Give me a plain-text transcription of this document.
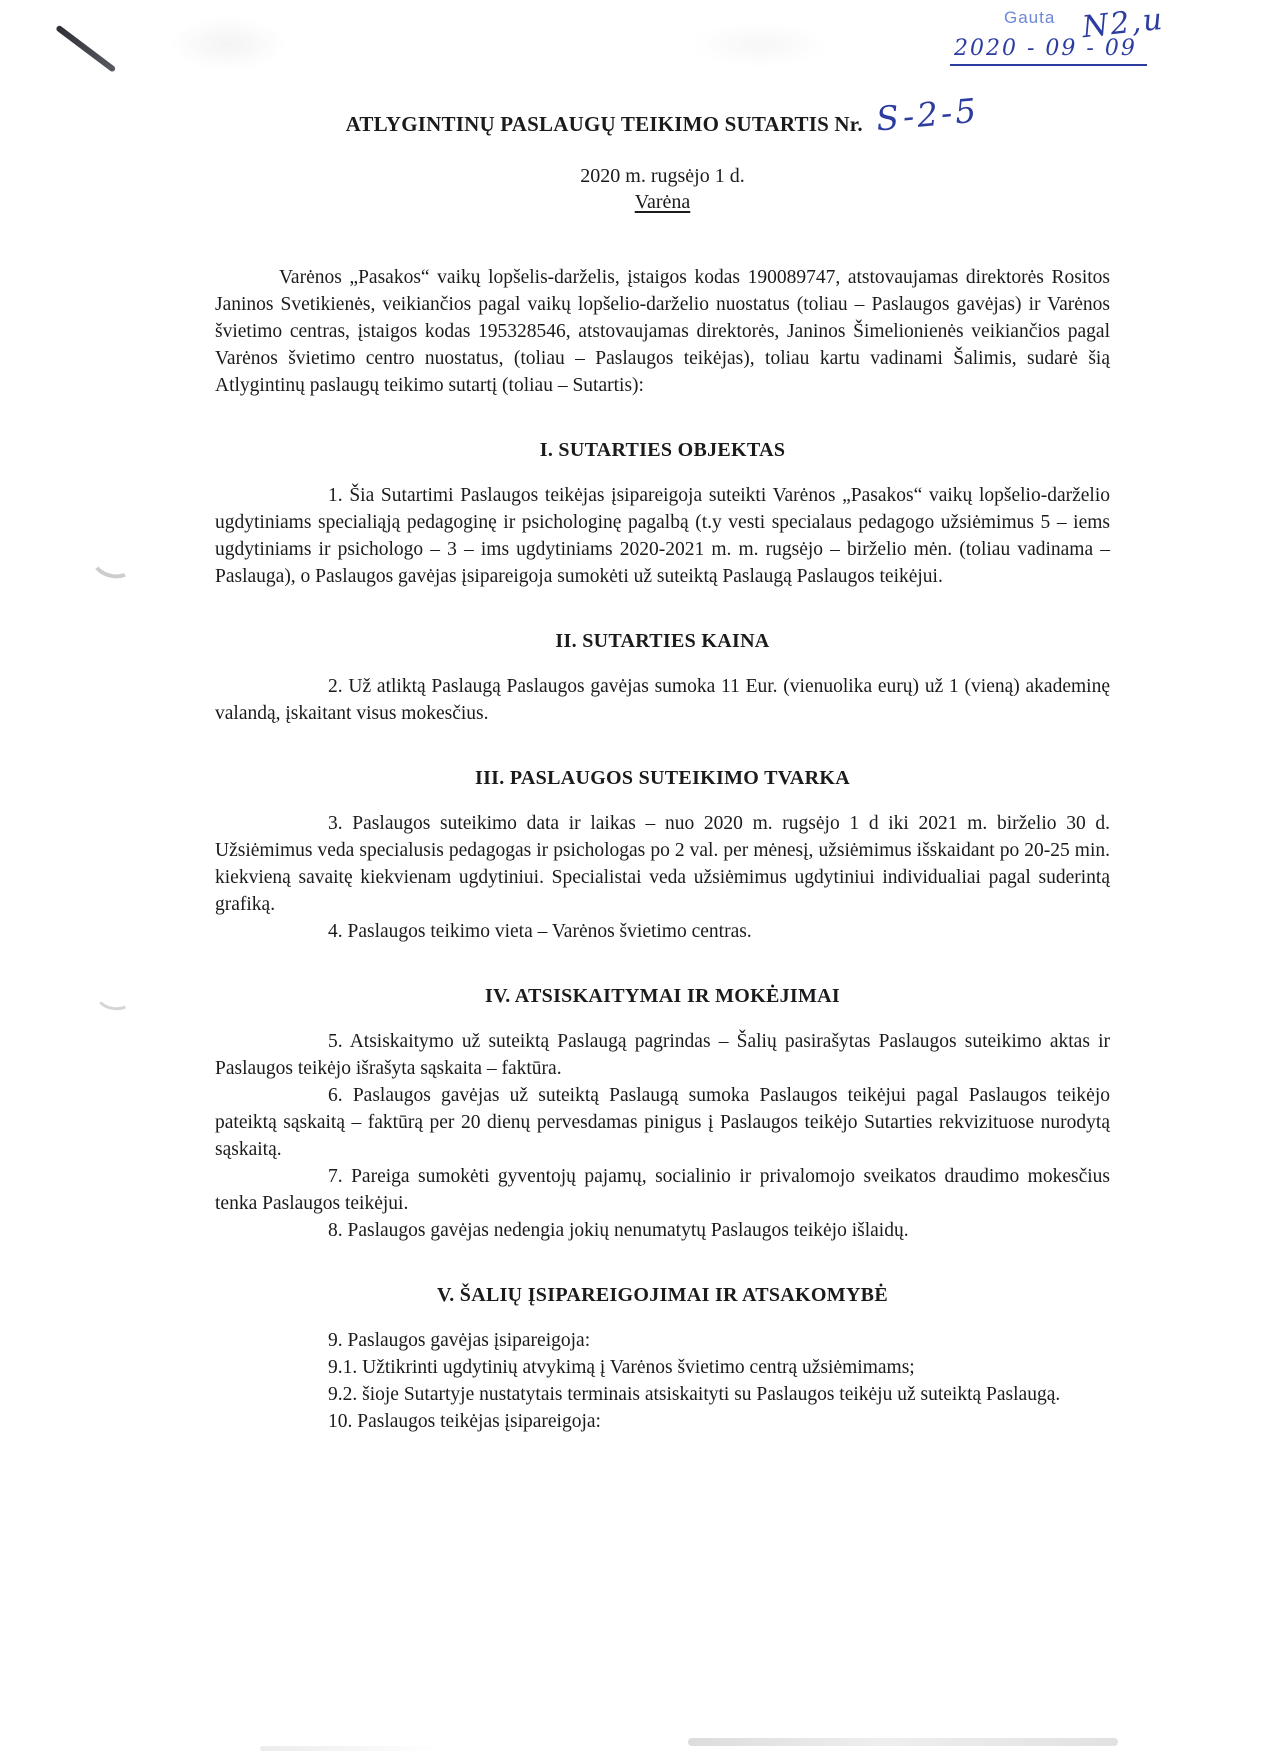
Gauta N2,u
2020 - 09 - 09
ATLYGINTINŲ PASLAUGŲ TEIKIMO SUTARTIS Nr. S-2-5
2020 m. rugsėjo 1 d.
Varėna

Varėnos „Pasakos“ vaikų lopšelis-darželis, įstaigos kodas 190089747, atstovaujamas direktorės Rositos Janinos Svetikienės, veikiančios pagal vaikų lopšelio-darželio nuostatus (toliau – Paslaugos gavėjas) ir Varėnos švietimo centras, įstaigos kodas 195328546, atstovaujamas direktorės, Janinos Šimelionienės veikiančios pagal Varėnos švietimo centro nuostatus, (toliau – Paslaugos teikėjas), toliau kartu vadinami Šalimis, sudarė šią Atlygintinų paslaugų teikimo sutartį (toliau – Sutartis):

I. SUTARTIES OBJEKTAS

1. Šia Sutartimi Paslaugos teikėjas įsipareigoja suteikti Varėnos „Pasakos“ vaikų lopšelio-darželio ugdytiniams specialiąją pedagoginę ir psichologinę pagalbą (t.y vesti specialaus pedagogo užsiėmimus 5 – iems ugdytiniams ir psichologo – 3 – ims ugdytiniams 2020-2021 m. m. rugsėjo – birželio mėn. (toliau vadinama – Paslauga), o Paslaugos gavėjas įsipareigoja sumokėti už suteiktą Paslaugą Paslaugos teikėjui.

II. SUTARTIES KAINA

2. Už atliktą Paslaugą Paslaugos gavėjas sumoka 11 Eur. (vienuolika eurų) už 1 (vieną) akademinę valandą, įskaitant visus mokesčius.

III. PASLAUGOS SUTEIKIMO TVARKA

3. Paslaugos suteikimo data ir laikas – nuo 2020 m. rugsėjo 1 d iki 2021 m. birželio 30 d. Užsiėmimus veda specialusis pedagogas ir psichologas po 2 val. per mėnesį, užsiėmimus išskaidant po 20-25 min. kiekvieną savaitę kiekvienam ugdytiniui. Specialistai veda užsiėmimus ugdytiniui individualiai pagal suderintą grafiką.

4. Paslaugos teikimo vieta – Varėnos švietimo centras.

IV. ATSISKAITYMAI IR MOKĖJIMAI

5. Atsiskaitymo už suteiktą Paslaugą pagrindas – Šalių pasirašytas Paslaugos suteikimo aktas ir Paslaugos teikėjo išrašyta sąskaita – faktūra.

6. Paslaugos gavėjas už suteiktą Paslaugą sumoka Paslaugos teikėjui pagal Paslaugos teikėjo pateiktą sąskaitą – faktūrą per 20 dienų pervesdamas pinigus į Paslaugos teikėjo Sutarties rekvizituose nurodytą sąskaitą.

7. Pareiga sumokėti gyventojų pajamų, socialinio ir privalomojo sveikatos draudimo mokesčius tenka Paslaugos teikėjui.

8. Paslaugos gavėjas nedengia jokių nenumatytų Paslaugos teikėjo išlaidų.

V. ŠALIŲ ĮSIPAREIGOJIMAI IR ATSAKOMYBĖ

9. Paslaugos gavėjas įsipareigoja:

9.1. Užtikrinti ugdytinių atvykimą į Varėnos švietimo centrą užsiėmimams;

9.2. šioje Sutartyje nustatytais terminais atsiskaityti su Paslaugos teikėju už suteiktą Paslaugą.

10. Paslaugos teikėjas įsipareigoja:
